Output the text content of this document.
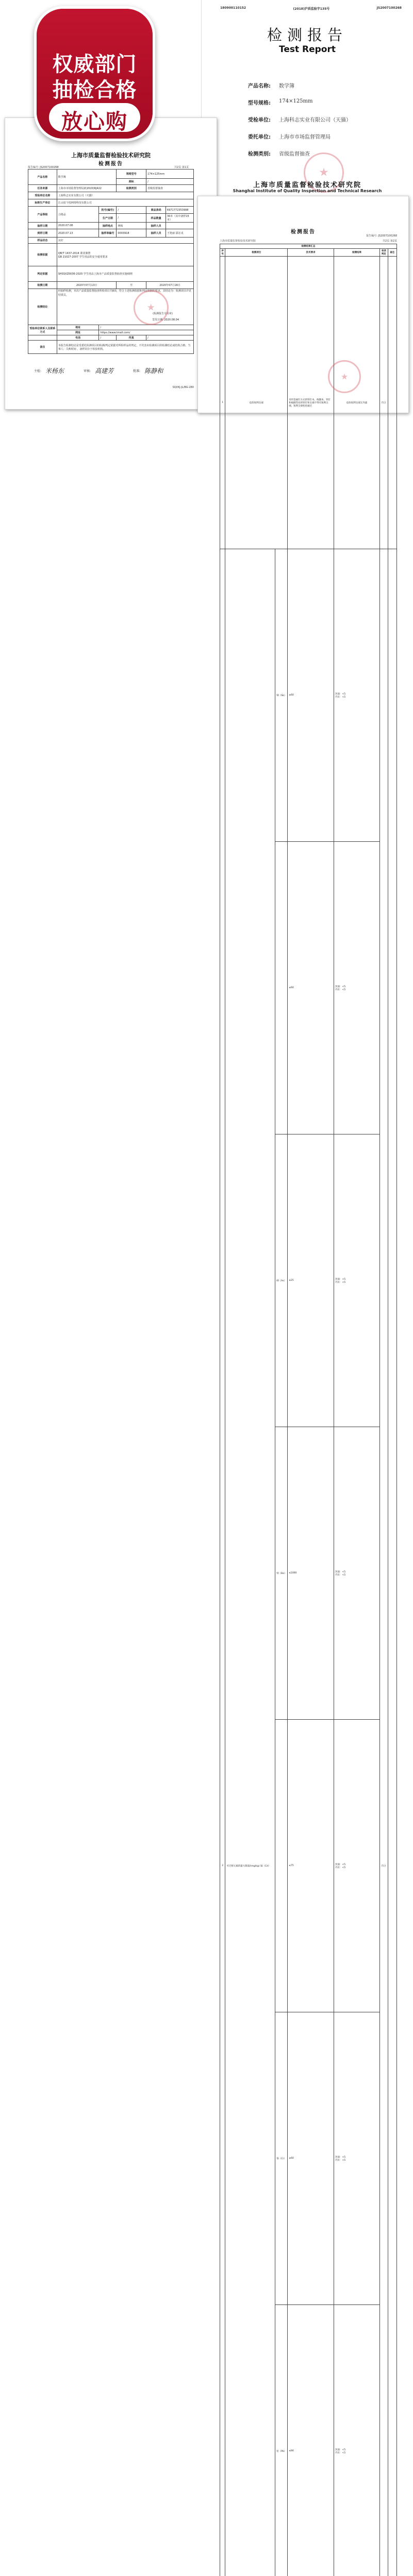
180900110152	(2018)沪质监验字135号	JS2007100268
检测报告
Test Report
产品名称:	数学簿
型号规格:	174×125mm
受检单位:	上海科志实业有限公司（天猫）
委托单位:	上海市市场监督管理局
检测类别:	省级监督抽查
★
上海市质量监督检验技术研究院
Shanghai Institute of Quality Inspection and Technical Research
权威部门
抽检合格
放心购
上海市质量监督检验技术研究院
检测报告
报告编号: JS2007100268	共2页 第1页
产品名称	数学簿		规格型号	174×125mm	
			商标	/	
任务来源	上海市市场监督管理局Z(2020)6J422		检测类别	省级监督抽查	
受检单位名称	上海科志实业有限公司（天猫）				
标称生产单位	江山留个悦网络科技有限公司				
产品等级	合格品	批号(编号)	/	商品条码	6971772353998
		生产日期	/	样品数量	30本（其中备样15本）
抽样日期	2020.07.08	抽样地点	网购	抽样人员	
到样日期	2020.07.13	抽样单编号	0003918	抽样人员	王艳丽 邵宏戎
样品状态	良好				
检测依据	QB/T 1437-2014 课业簿册
GB 21027-2007 学生用品的安全通用要求				
判定依据	SHSSXZ0036-2020 学生用品上海市产品质量监督抽查实施细则				
检测日期	2020年07月13日		至	2020年07月16日	
检测结论	经抽样检测，本次产品质量监督抽查所检项目共8项，符合上述检测依据和判定依据的要求，其结论为：检测项目详见结果页。
(检测报告专用章)
签发日期: 2020.08.04
★				

受检单位联系人及联系方式	地址	/			
	网址	https://www.tmall.com/			
	电话	/	传真	/	
备注	本报告检测结论是受委托检测项目的检测/判定依据对所检样品的判定，不代表未检测项目的检测结论或结构合格。当事人：失败时间 ，备样封存于检验机构。				
主检: 米杨东	审核: 高建芳	批准: 陈静和
SQI/KJ-JL/BG-280
检测报告
报告编号: JS2007100268
上海市质量监督检验技术研究院	共2页 第2页
检测结果汇总						
序号	检测项目		技术要求	检测结果	单项判定	备注
1	危险锐利尖端		采用金属钉方式的铁钉本、线圈本、铁钉和线圈等处的铁钉和尖端不得有锐利尖端，锐利尖端检验通过	危险锐利尖端无外露	符合	
2	可迁移元素的最大限量/(mg/kg) 镉（Cd）	锑（Sb）	≤60	封面：<5
内页：<5	符合	
			≤60	封面：<5
内页：<5		
		砷（As）	≤25	封面：<5
内页：<5		
		钡（Ba）	≤1000	封面：<5
内页：<5		
			≤75	封面：<5
内页：<5		
		铬（Cr）	≤60	封面：<5
内页：<5		
		铅（Pb）	≤90	封面：<5
内页：<5		

★
